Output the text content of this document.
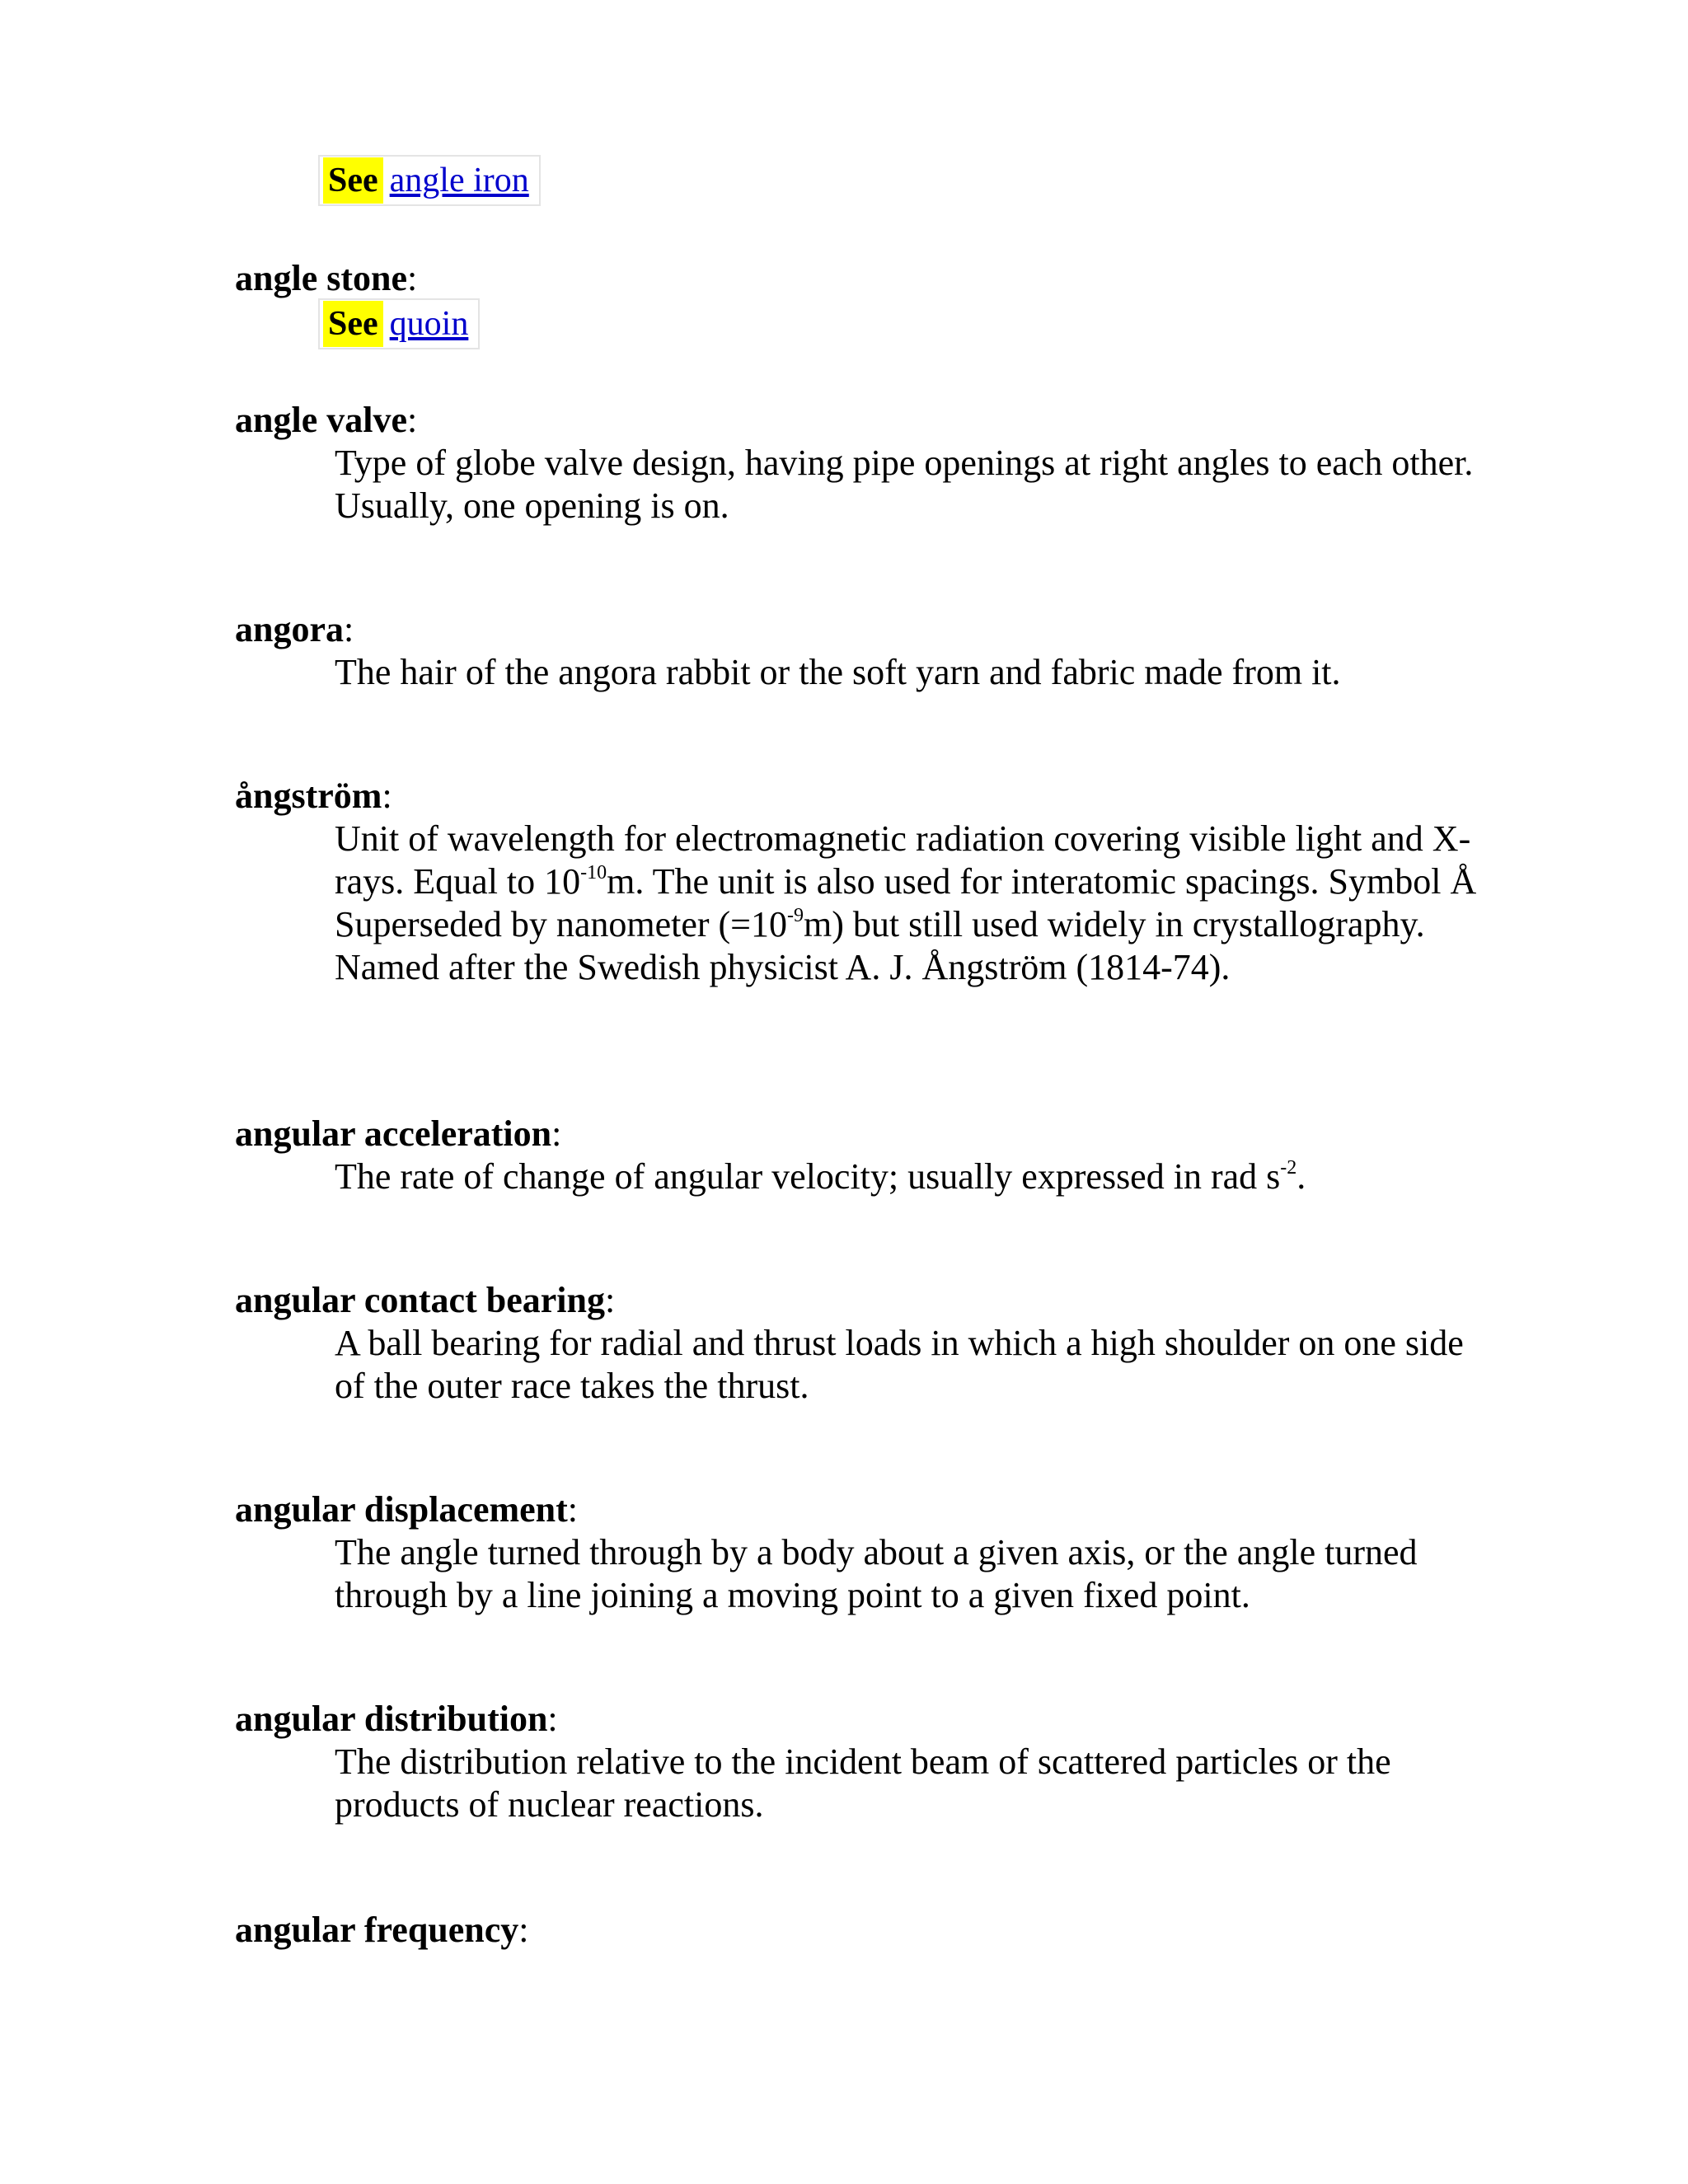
See angle iron
angle stone:
See quoin
angle valve:
Type of globe valve design, having pipe openings at right angles to each other. Usually, one opening is on.
angora:
The hair of the angora rabbit or the soft yarn and fabric made from it.
ångström:
Unit of wavelength for electromagnetic radiation covering visible light and X-rays. Equal to $10^{-10}m$. The unit is also used for interatomic spacings. Symbol Å Superseded by nanometer $(=10^{-9}m)$ but still used widely in crystallography. Named after the Swedish physicist A. J. Ångström (1814-74).
angular acceleration:
The rate of change of angular velocity; usually expressed in rad $s^{-2}$.
angular contact bearing:
A ball bearing for radial and thrust loads in which a high shoulder on one side of the outer race takes the thrust.
angular displacement:
The angle turned through by a body about a given axis, or the angle turned through by a line joining a moving point to a given fixed point.
angular distribution:
The distribution relative to the incident beam of scattered particles or the products of nuclear reactions.
angular frequency:
